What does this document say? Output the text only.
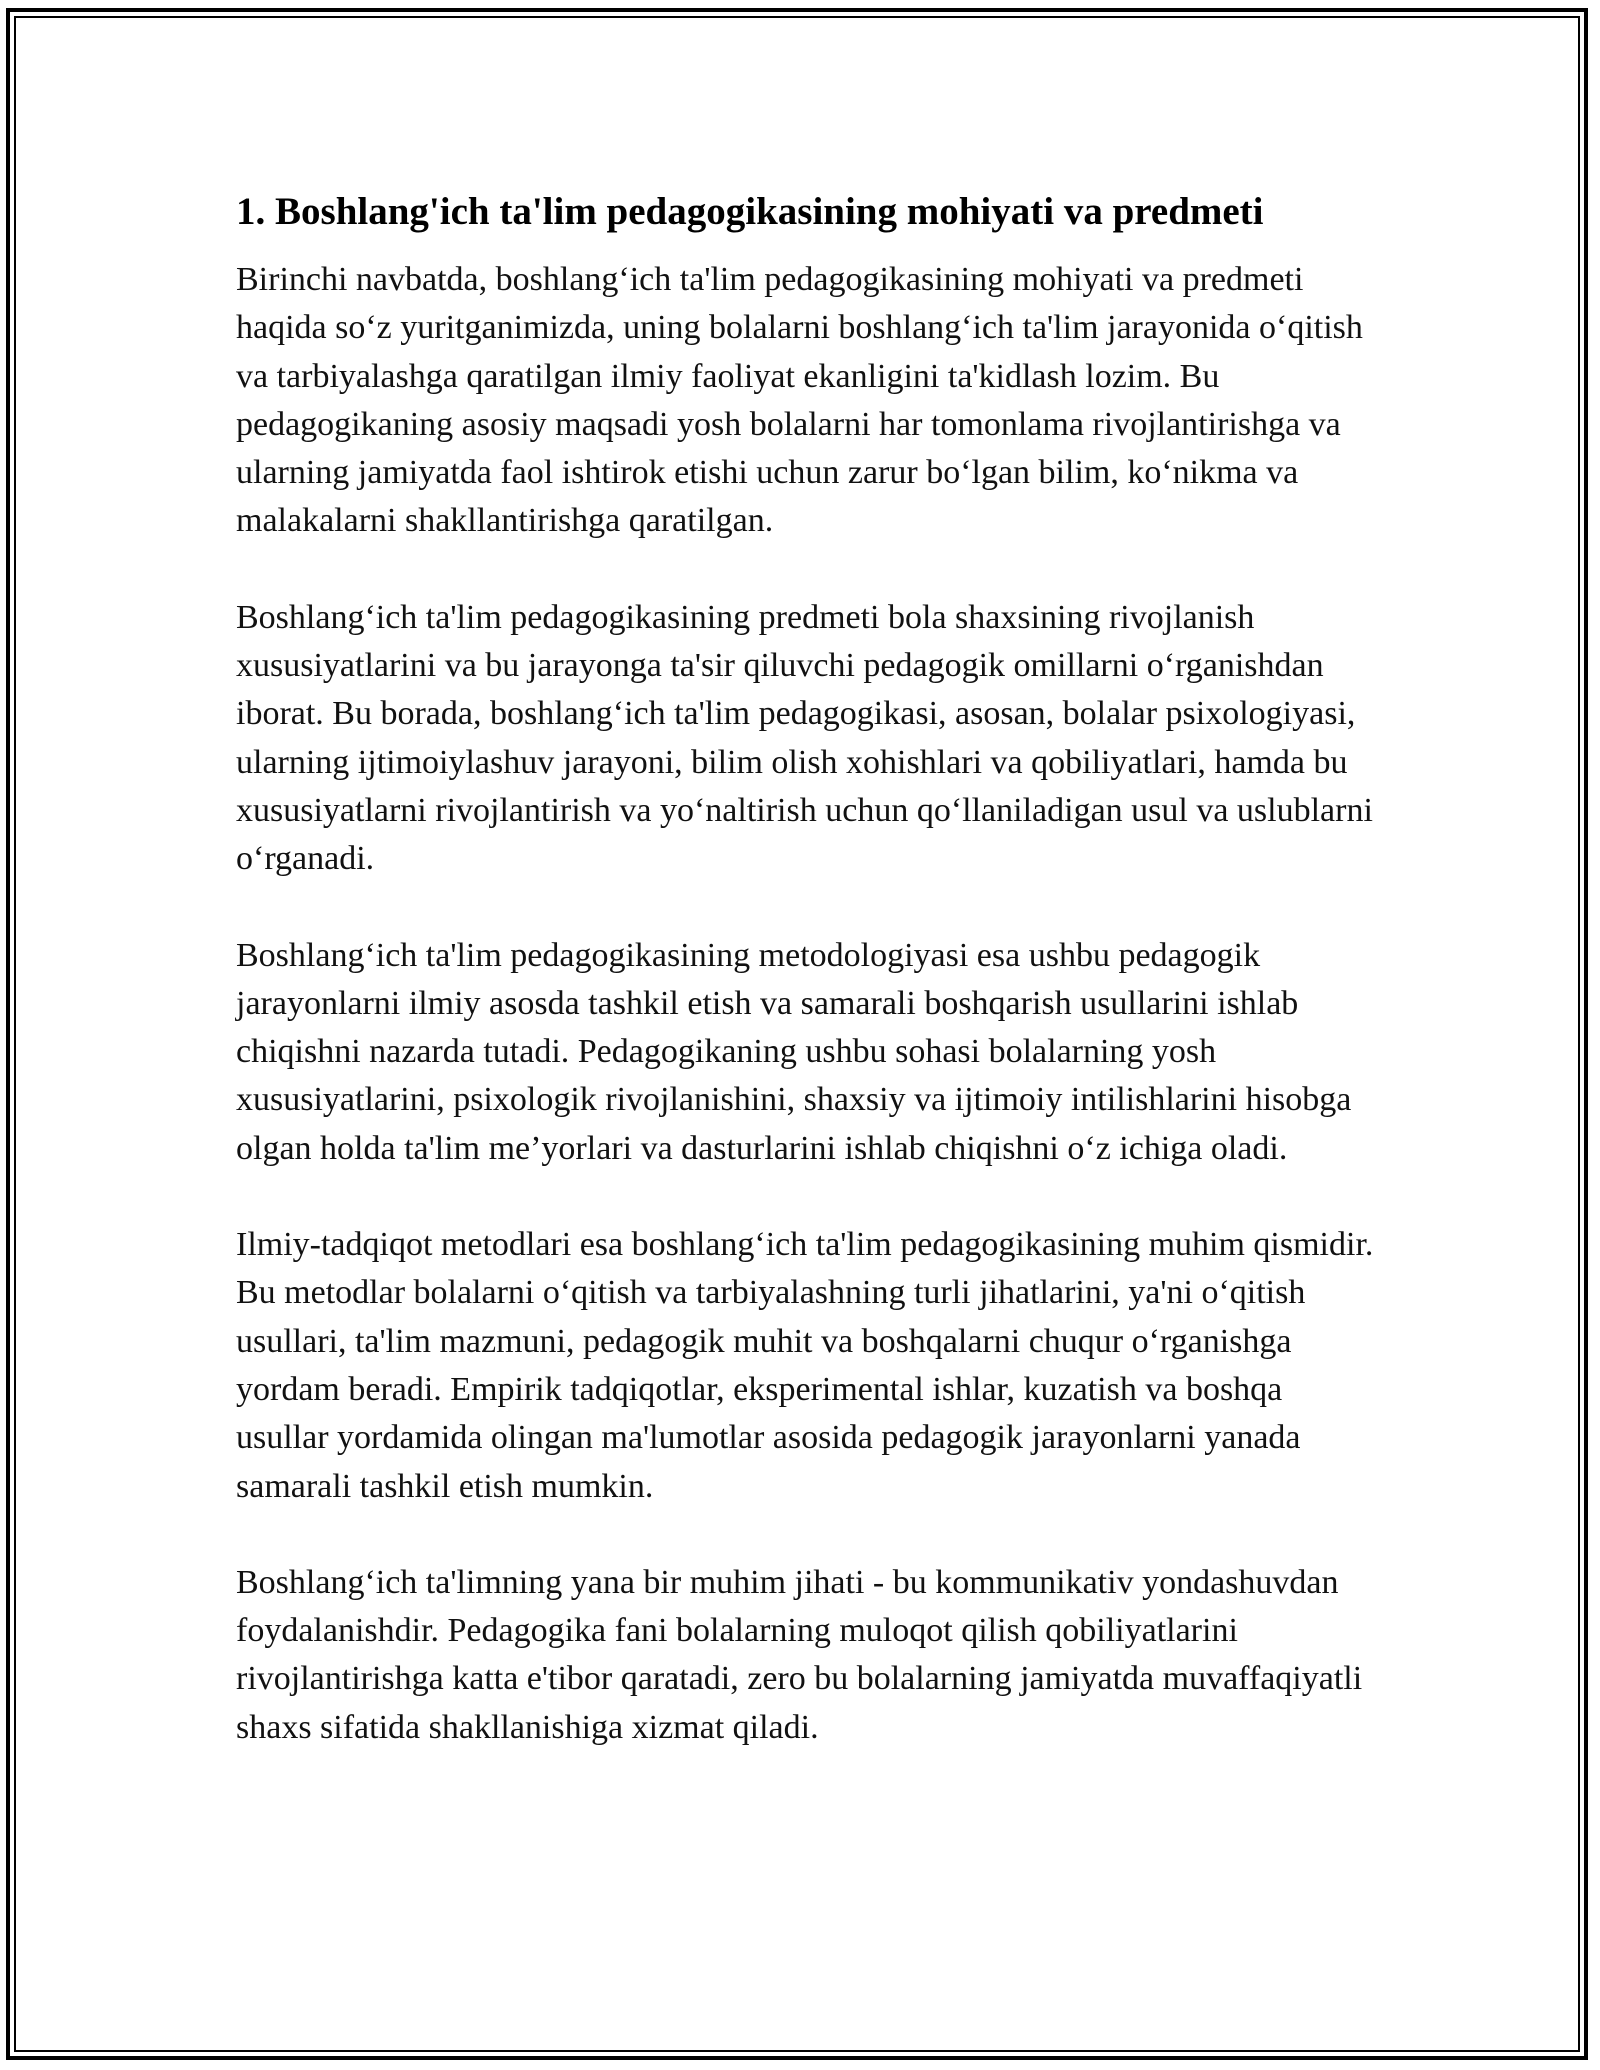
1. Boshlang'ich ta'lim pedagogikasining mohiyati va predmeti

Birinchi navbatda, boshlang‘ich ta'lim pedagogikasining mohiyati va predmeti haqida so‘z yuritganimizda, uning bolalarni boshlang‘ich ta'lim jarayonida o‘qitish va tarbiyalashga qaratilgan ilmiy faoliyat ekanligini ta'kidlash lozim. Bu pedagogikaning asosiy maqsadi yosh bolalarni har tomonlama rivojlantirishga va ularning jamiyatda faol ishtirok etishi uchun zarur bo‘lgan bilim, ko‘nikma va malakalarni shakllantirishga qaratilgan.

Boshlang‘ich ta'lim pedagogikasining predmeti bola shaxsining rivojlanish xususiyatlarini va bu jarayonga ta'sir qiluvchi pedagogik omillarni o‘rganishdan iborat. Bu borada, boshlang‘ich ta'lim pedagogikasi, asosan, bolalar psixologiyasi, ularning ijtimoiylashuv jarayoni, bilim olish xohishlari va qobiliyatlari, hamda bu xususiyatlarni rivojlantirish va yo‘naltirish uchun qo‘llaniladigan usul va uslublarni o‘rganadi.

Boshlang‘ich ta'lim pedagogikasining metodologiyasi esa ushbu pedagogik jarayonlarni ilmiy asosda tashkil etish va samarali boshqarish usullarini ishlab chiqishni nazarda tutadi. Pedagogikaning ushbu sohasi bolalarning yosh xususiyatlarini, psixologik rivojlanishini, shaxsiy va ijtimoiy intilishlarini hisobga olgan holda ta'lim me’yorlari va dasturlarini ishlab chiqishni o‘z ichiga oladi.

Ilmiy-tadqiqot metodlari esa boshlang‘ich ta'lim pedagogikasining muhim qismidir. Bu metodlar bolalarni o‘qitish va tarbiyalashning turli jihatlarini, ya'ni o‘qitish usullari, ta'lim mazmuni, pedagogik muhit va boshqalarni chuqur o‘rganishga yordam beradi. Empirik tadqiqotlar, eksperimental ishlar, kuzatish va boshqa usullar yordamida olingan ma'lumotlar asosida pedagogik jarayonlarni yanada samarali tashkil etish mumkin.

Boshlang‘ich ta'limning yana bir muhim jihati - bu kommunikativ yondashuvdan foydalanishdir. Pedagogika fani bolalarning muloqot qilish qobiliyatlarini rivojlantirishga katta e'tibor qaratadi, zero bu bolalarning jamiyatda muvaffaqiyatli shaxs sifatida shakllanishiga xizmat qiladi.
